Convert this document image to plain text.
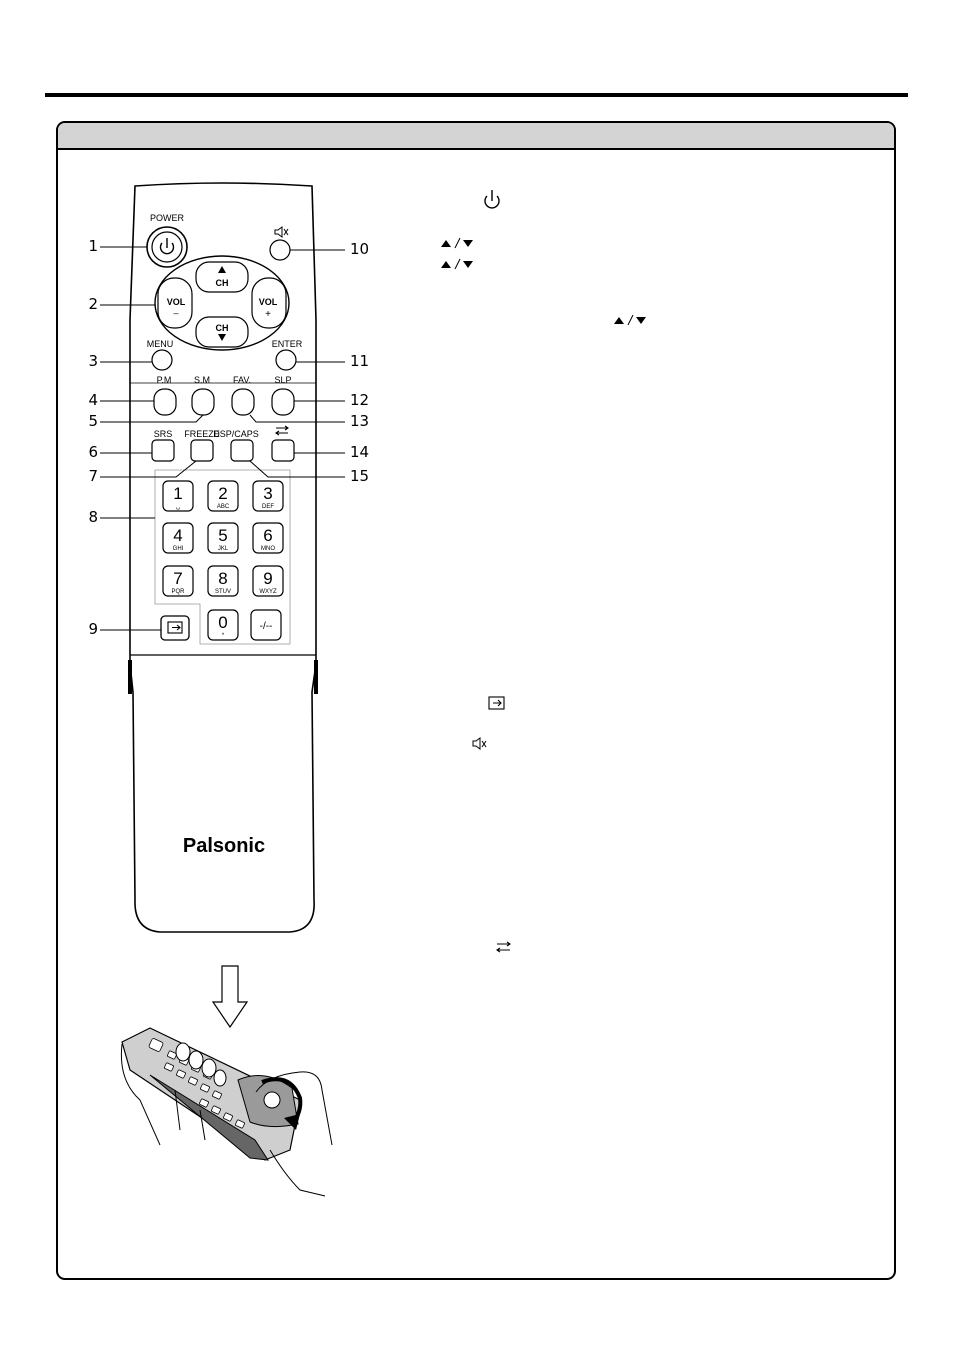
POWER
CH
CH
VOL
–
VOL
+
MENU	ENTER
P.M	S.M	FAV.	SLP
SRS FREEZE
DSP/CAPS
1
␣
2
ABC
3
DEF
4
GHI
5
JKL
6
MNO
7
PQR
8
STUV
9
WXYZ
0
*
-/--
Palsonic
1
2
3
4
5
6
7
8
9
10
11
12
13
14
15
